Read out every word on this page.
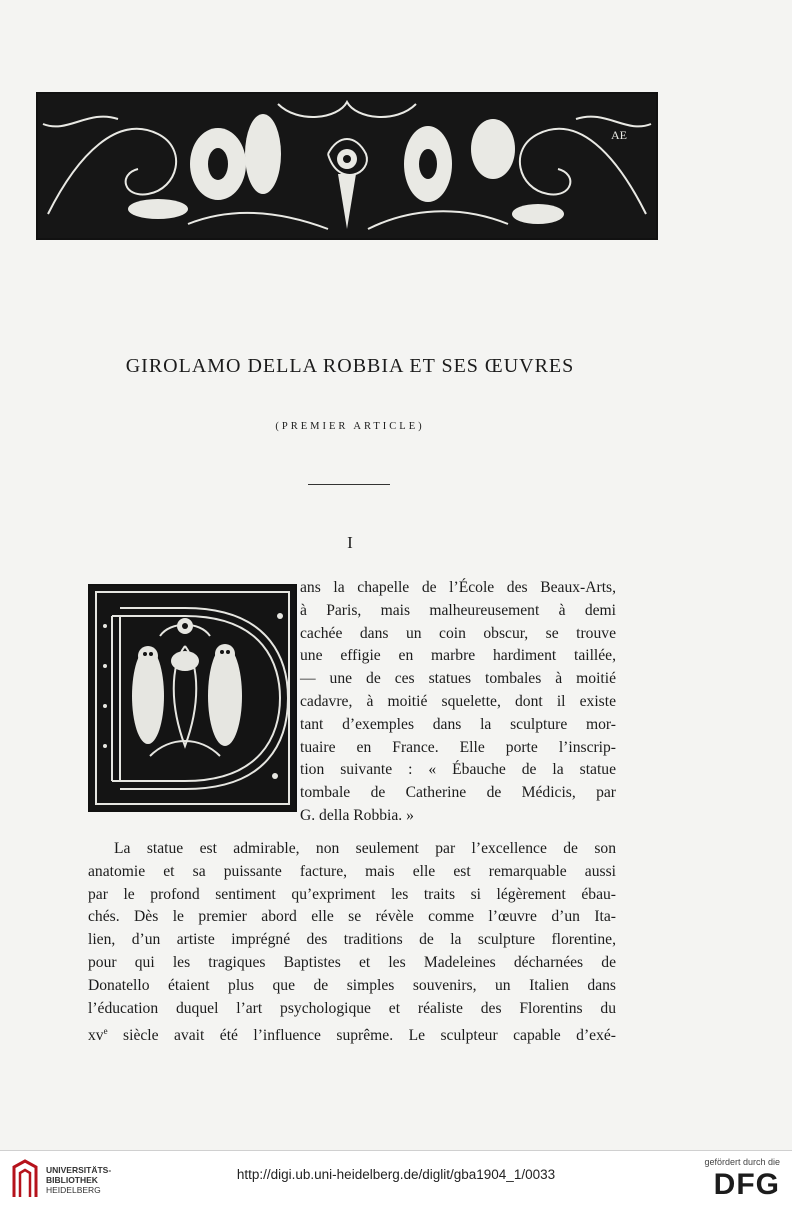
AE
GIROLAMO DELLA ROBBIA ET SES ŒUVRES
(PREMIER ARTICLE)
I
ans la chapelle de l’École des Beaux-Arts,
à Paris, mais malheureusement à demi
cachée dans un coin obscur, se trouve
une effigie en marbre hardiment taillée,
— une de ces statues tombales à moitié
cadavre, à moitié squelette, dont il existe
tant d’exemples dans la sculpture mor-
tuaire en France. Elle porte l’inscrip-
tion suivante : « Ébauche de la statue
tombale de Catherine de Médicis, par
G. della Robbia. »
La statue est admirable, non seulement par l’excellence de son
anatomie et sa puissante facture, mais elle est remarquable aussi
par le profond sentiment qu’expriment les traits si légèrement ébau-
chés. Dès le premier abord elle se révèle comme l’œuvre d’un Ita-
lien, d’un artiste imprégné des traditions de la sculpture florentine,
pour qui les tragiques Baptistes et les Madeleines décharnées de
Donatello étaient plus que de simples souvenirs, un Italien dans
l’éducation duquel l’art psychologique et réaliste des Florentins du
$xv^e$ siècle avait été l’influence suprême. Le sculpteur capable d’exé-
UNIVERSITÄTS-
BIBLIOTHEK
HEIDELBERG
http://digi.ub.uni-heidelberg.de/diglit/gba1904_1/0033
gefördert durch die
DFG
